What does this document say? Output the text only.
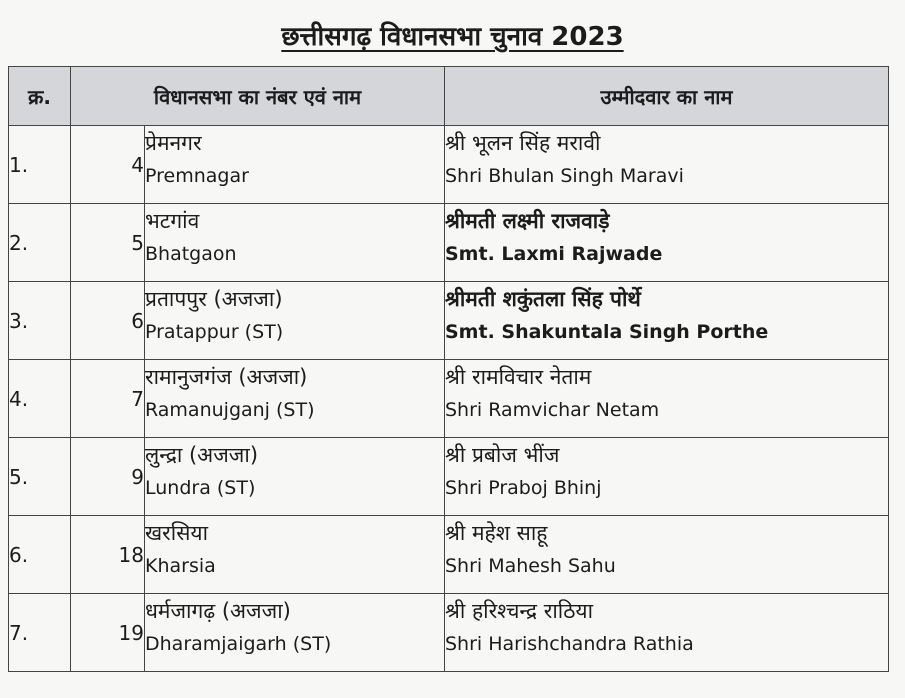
छत्तीसगढ़ विधानसभा चुनाव 2023
क्र.	विधानसभा का नंबर एवं नाम		उम्मीदवार का नाम
1.	4	प्रेमनगर
Premnagar	श्री भूलन सिंह मरावी
Shri Bhulan Singh Maravi

2.	5	भटगांव
Bhatgaon	श्रीमती लक्ष्मी राजवाड़े
Smt. Laxmi Rajwade

3.	6	प्रतापपुर (अजजा)
Pratappur (ST)	श्रीमती शकुंतला सिंह पोर्थे
Smt. Shakuntala Singh Porthe

4.	7	रामानुजगंज (अजजा)
Ramanujganj (ST)	श्री रामविचार नेताम
Shri Ramvichar Netam

5.	9	लुन्द्रा (अजजा)
Lundra (ST)	श्री प्रबोज भींज
Shri Praboj Bhinj

6.	18	खरसिया
Kharsia	श्री महेश साहू
Shri Mahesh Sahu

7.	19	धर्मजागढ़ (अजजा)
Dharamjaigarh (ST)	श्री हरिश्चन्द्र राठिया
Shri Harishchandra Rathia
